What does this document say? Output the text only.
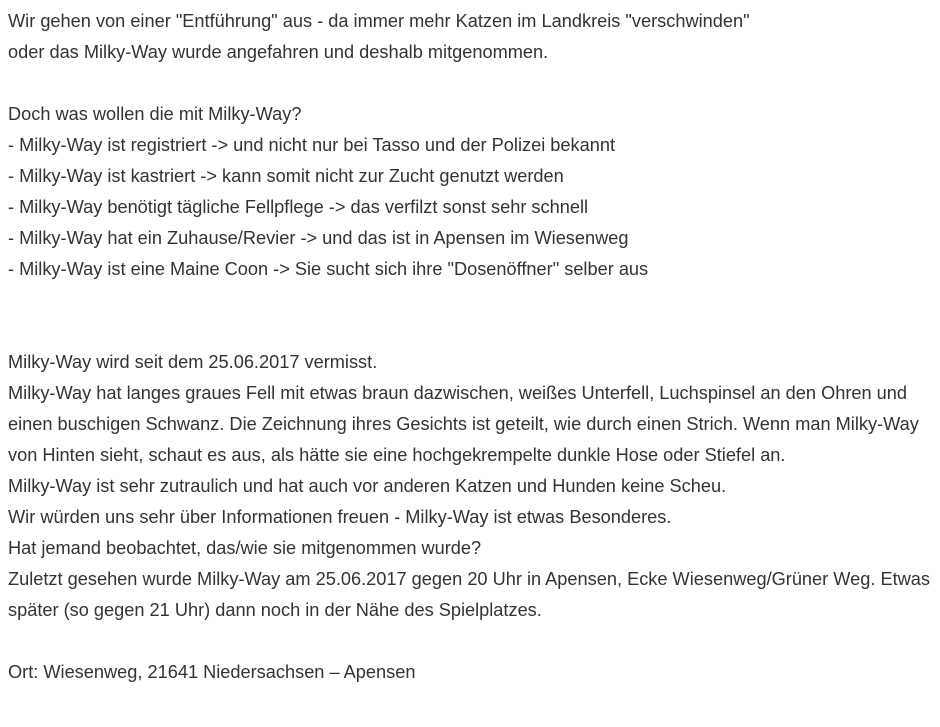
Wir gehen von einer "Entführung" aus - da immer mehr Katzen im Landkreis "verschwinden"
oder das Milky-Way wurde angefahren und deshalb mitgenommen.
Doch was wollen die mit Milky-Way?
- Milky-Way ist registriert -> und nicht nur bei Tasso und der Polizei bekannt
- Milky-Way ist kastriert -> kann somit nicht zur Zucht genutzt werden
- Milky-Way benötigt tägliche Fellpflege -> das verfilzt sonst sehr schnell
- Milky-Way hat ein Zuhause/Revier -> und das ist in Apensen im Wiesenweg
- Milky-Way ist eine Maine Coon -> Sie sucht sich ihre "Dosenöffner" selber aus
Milky-Way wird seit dem 25.06.2017 vermisst.
Milky-Way hat langes graues Fell mit etwas braun dazwischen, weißes Unterfell, Luchspinsel an den Ohren und einen buschigen Schwanz. Die Zeichnung ihres Gesichts ist geteilt, wie durch einen Strich. Wenn man Milky-Way von Hinten sieht, schaut es aus, als hätte sie eine hochgekrempelte dunkle Hose oder Stiefel an.
Milky-Way ist sehr zutraulich und hat auch vor anderen Katzen und Hunden keine Scheu.
Wir würden uns sehr über Informationen freuen - Milky-Way ist etwas Besonderes.
Hat jemand beobachtet, das/wie sie mitgenommen wurde?
Zuletzt gesehen wurde Milky-Way am 25.06.2017 gegen 20 Uhr in Apensen, Ecke Wiesenweg/Grüner Weg. Etwas später (so gegen 21 Uhr) dann noch in der Nähe des Spielplatzes.
Ort: Wiesenweg, 21641 Niedersachsen – Apensen
